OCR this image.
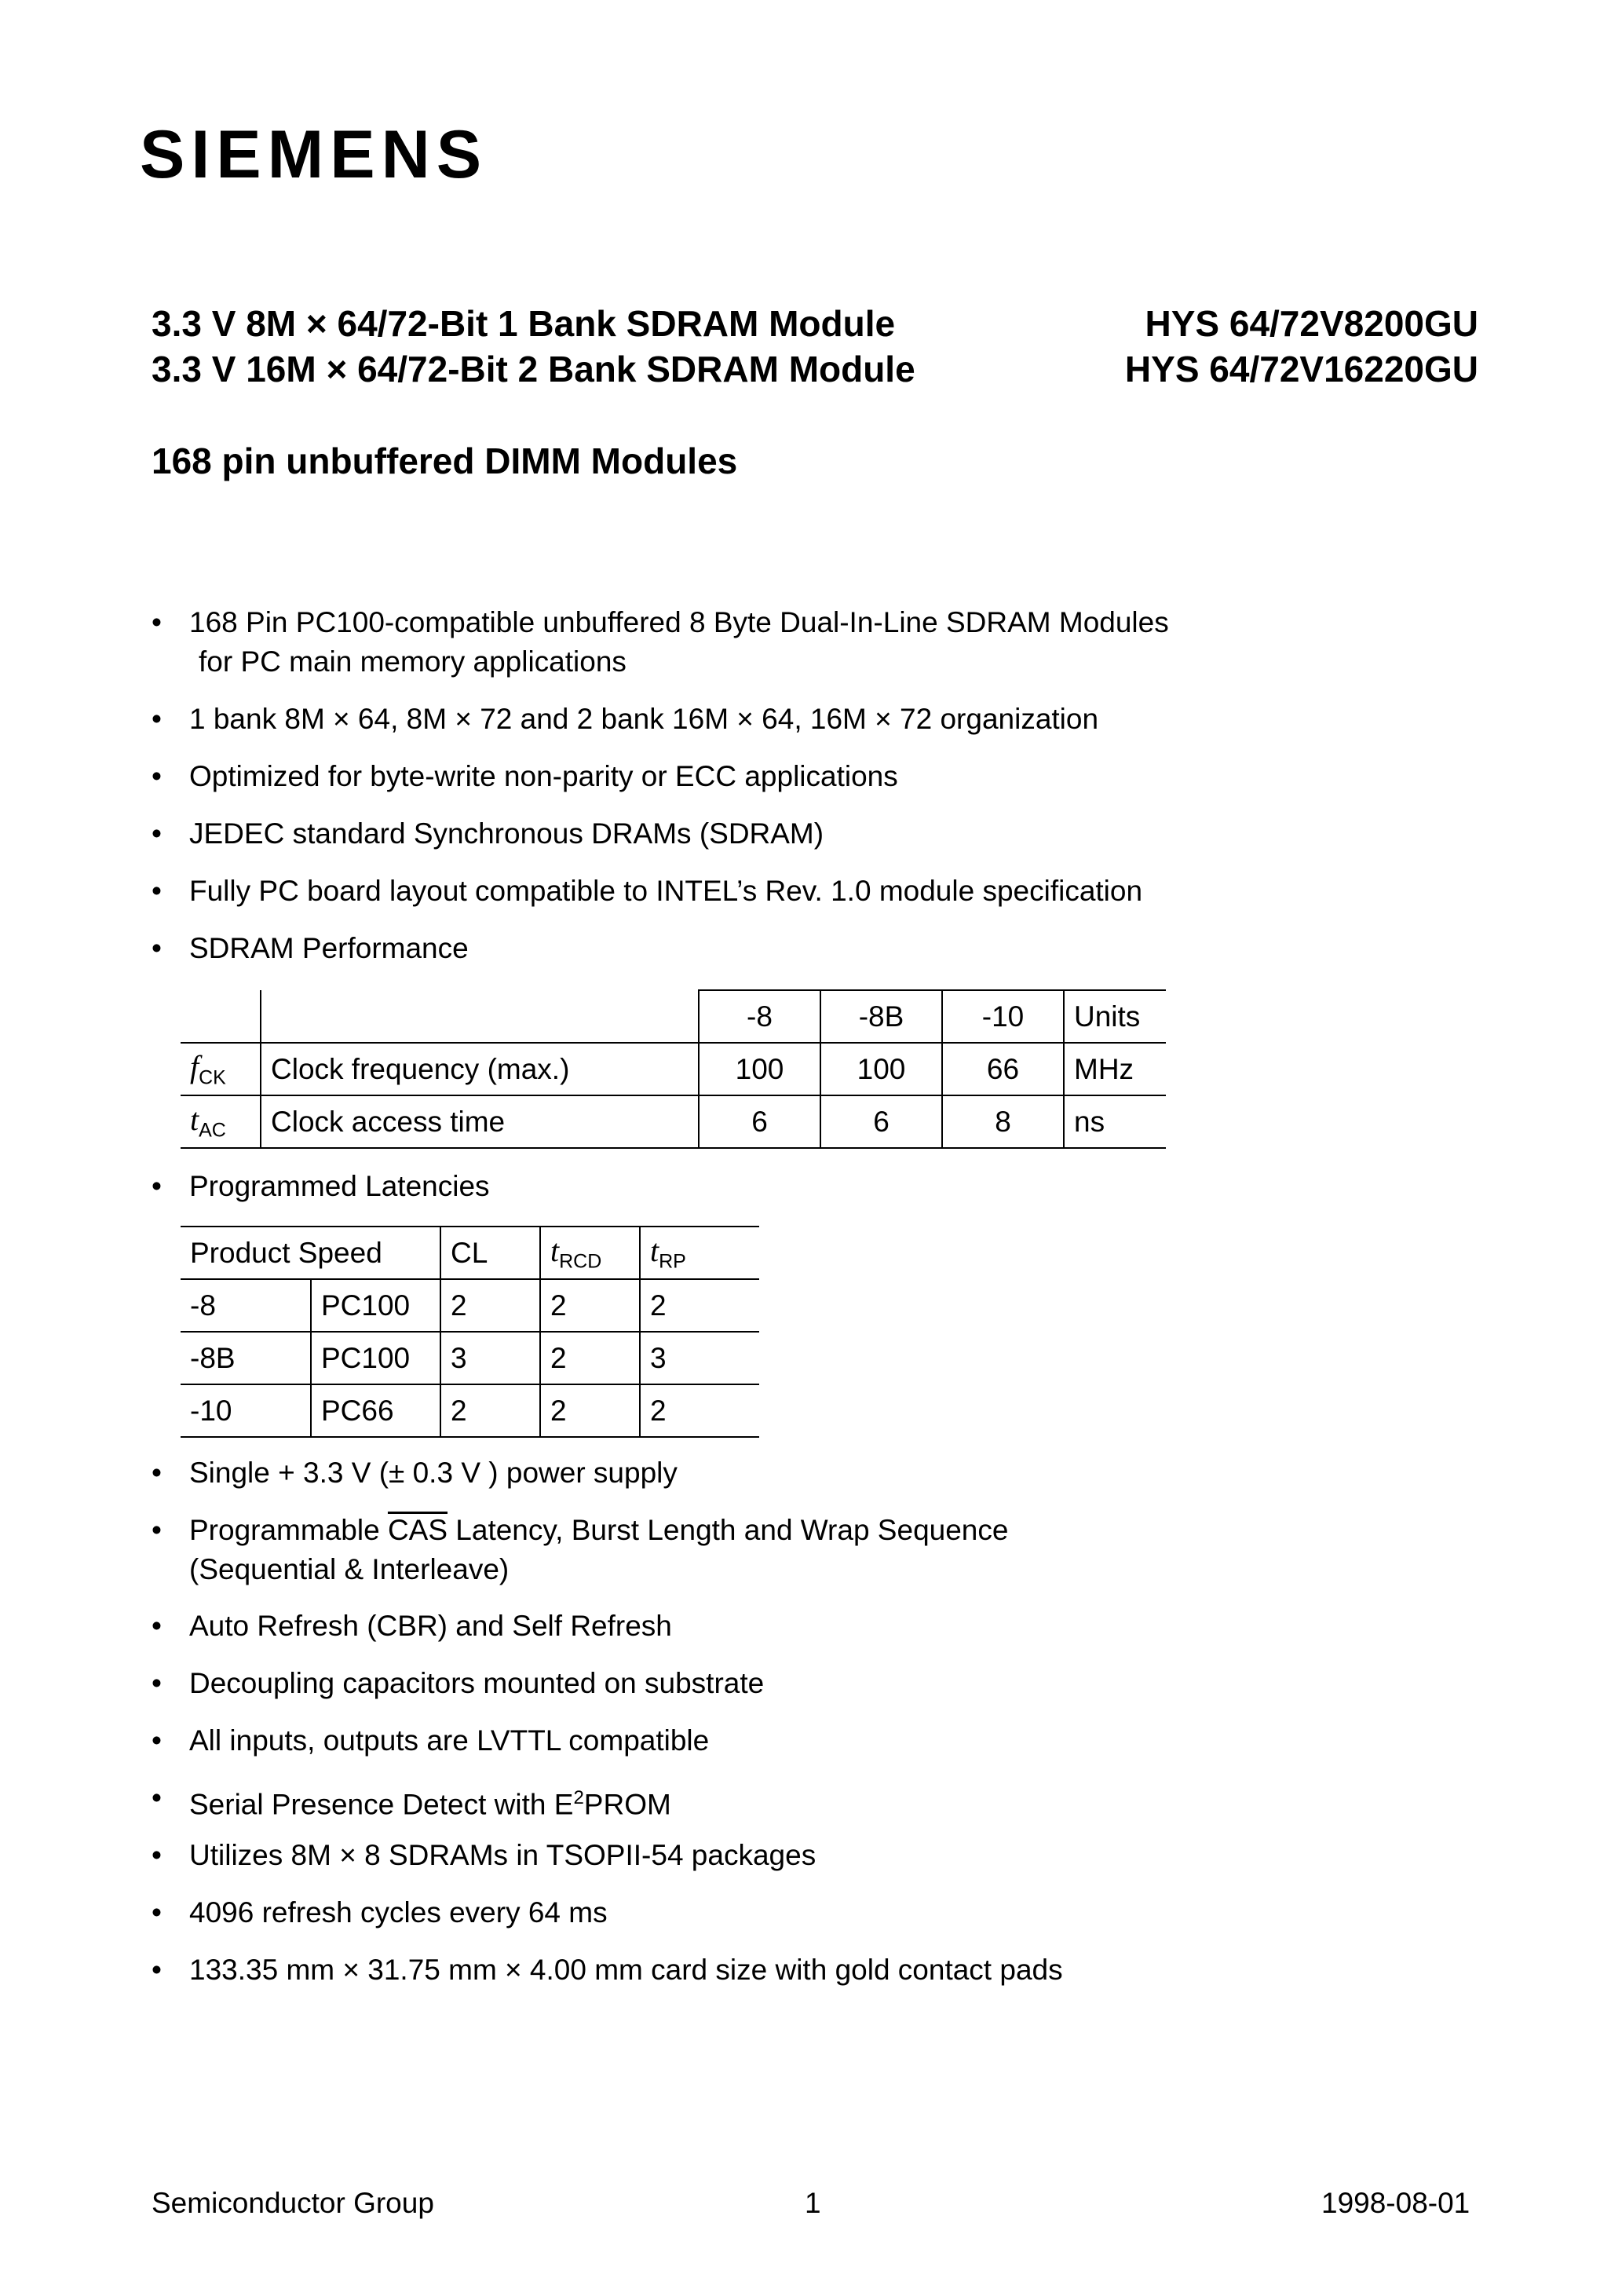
SIEMENS
3.3 V 8M × 64/72-Bit 1 Bank SDRAM Module	HYS 64/72V8200GU
3.3 V 16M × 64/72-Bit 2 Bank SDRAM Module	HYS 64/72V16220GU
168 pin unbuffered DIMM Modules
• 168 Pin PC100-compatible unbuffered 8 Byte Dual-In-Line SDRAM Modules
for PC main memory applications
• 1 bank 8M × 64, 8M × 72 and 2 bank 16M × 64, 16M × 72 organization
• Optimized for byte-write non-parity or ECC applications
• JEDEC standard Synchronous DRAMs (SDRAM)
• Fully PC board layout compatible to INTEL’s Rev. 1.0 module specification
• SDRAM Performance
		-8	-8B	-10	Units
$f_{CK}$	Clock frequency (max.)	100	100	66	MHz
$t_{AC}$	Clock access time	6	6	8	ns
• Programmed Latencies
Product Speed		CL	$t_{RCD}$	$t_{RP}$
-8	PC100	2	2	2
-8B	PC100	3	2	3
-10	PC66	2	2	2
• Single + 3.3 V (± 0.3 V ) power supply
• Programmable $\overline{CAS}$ Latency, Burst Length and Wrap Sequence
(Sequential & Interleave)
• Auto Refresh (CBR) and Self Refresh
• Decoupling capacitors mounted on substrate
• All inputs, outputs are LVTTL compatible
• Serial Presence Detect with $E^2PROM$
• Utilizes 8M × 8 SDRAMs in TSOPII-54 packages
• 4096 refresh cycles every 64 ms
• 133.35 mm × 31.75 mm × 4.00 mm card size with gold contact pads
Semiconductor Group	1	1998-08-01
